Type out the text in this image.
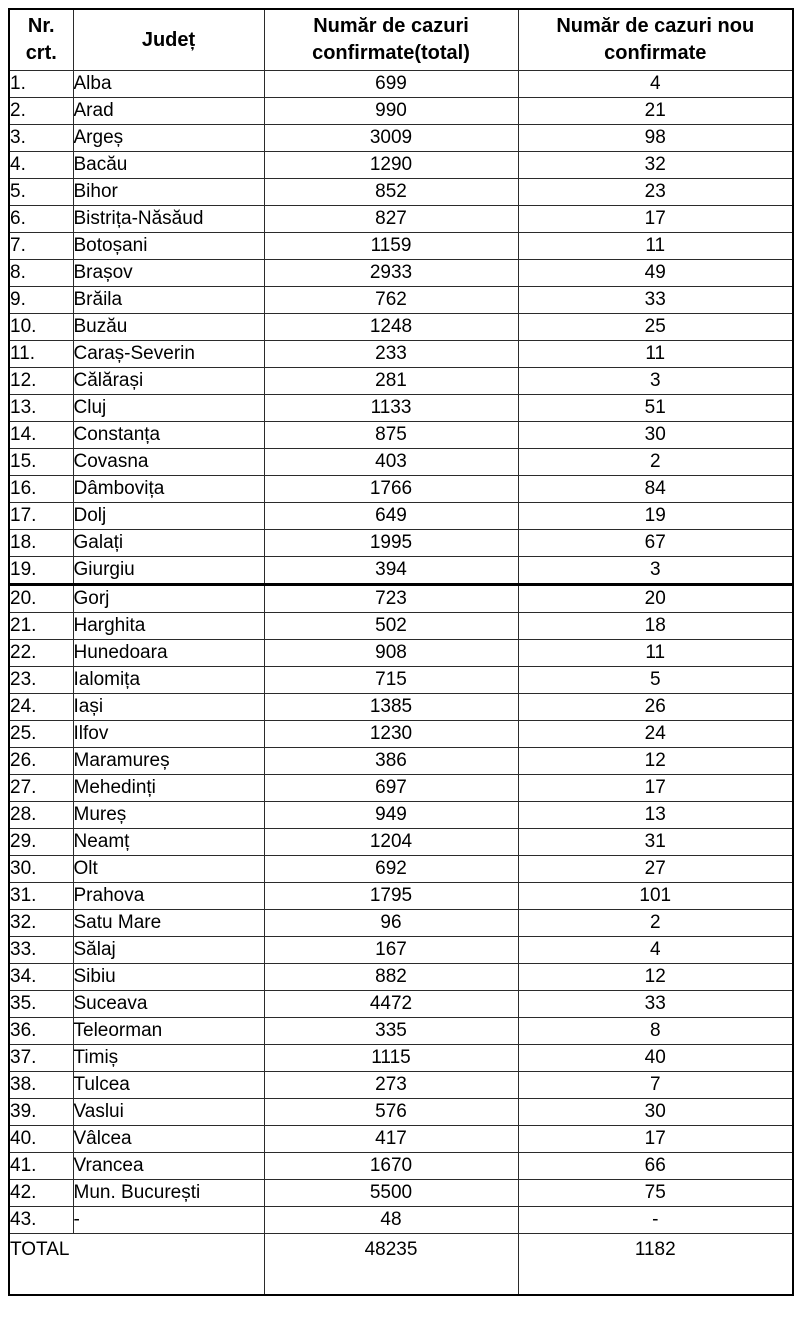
Nr. crt.	Județ	Număr de cazuri confirmate(total)	Număr de cazuri nou confirmate
1.	Alba	699	4
2.	Arad	990	21
3.	Argeș	3009	98
4.	Bacău	1290	32
5.	Bihor	852	23
6.	Bistrița-Năsăud	827	17
7.	Botoșani	1159	11
8.	Brașov	2933	49
9.	Brăila	762	33
10.	Buzău	1248	25
11.	Caraș-Severin	233	11
12.	Călărași	281	3
13.	Cluj	1133	51
14.	Constanța	875	30
15.	Covasna	403	2
16.	Dâmbovița	1766	84
17.	Dolj	649	19
18.	Galați	1995	67
19.	Giurgiu	394	3
20.	Gorj	723	20
21.	Harghita	502	18
22.	Hunedoara	908	11
23.	Ialomița	715	5
24.	Iași	1385	26
25.	Ilfov	1230	24
26.	Maramureș	386	12
27.	Mehedinți	697	17
28.	Mureș	949	13
29.	Neamț	1204	31
30.	Olt	692	27
31.	Prahova	1795	101
32.	Satu Mare	96	2
33.	Sălaj	167	4
34.	Sibiu	882	12
35.	Suceava	4472	33
36.	Teleorman	335	8
37.	Timiș	1115	40
38.	Tulcea	273	7
39.	Vaslui	576	30
40.	Vâlcea	417	17
41.	Vrancea	1670	66
42.	Mun. București	5500	75
43.	-	48	-
TOTAL		48235	1182
